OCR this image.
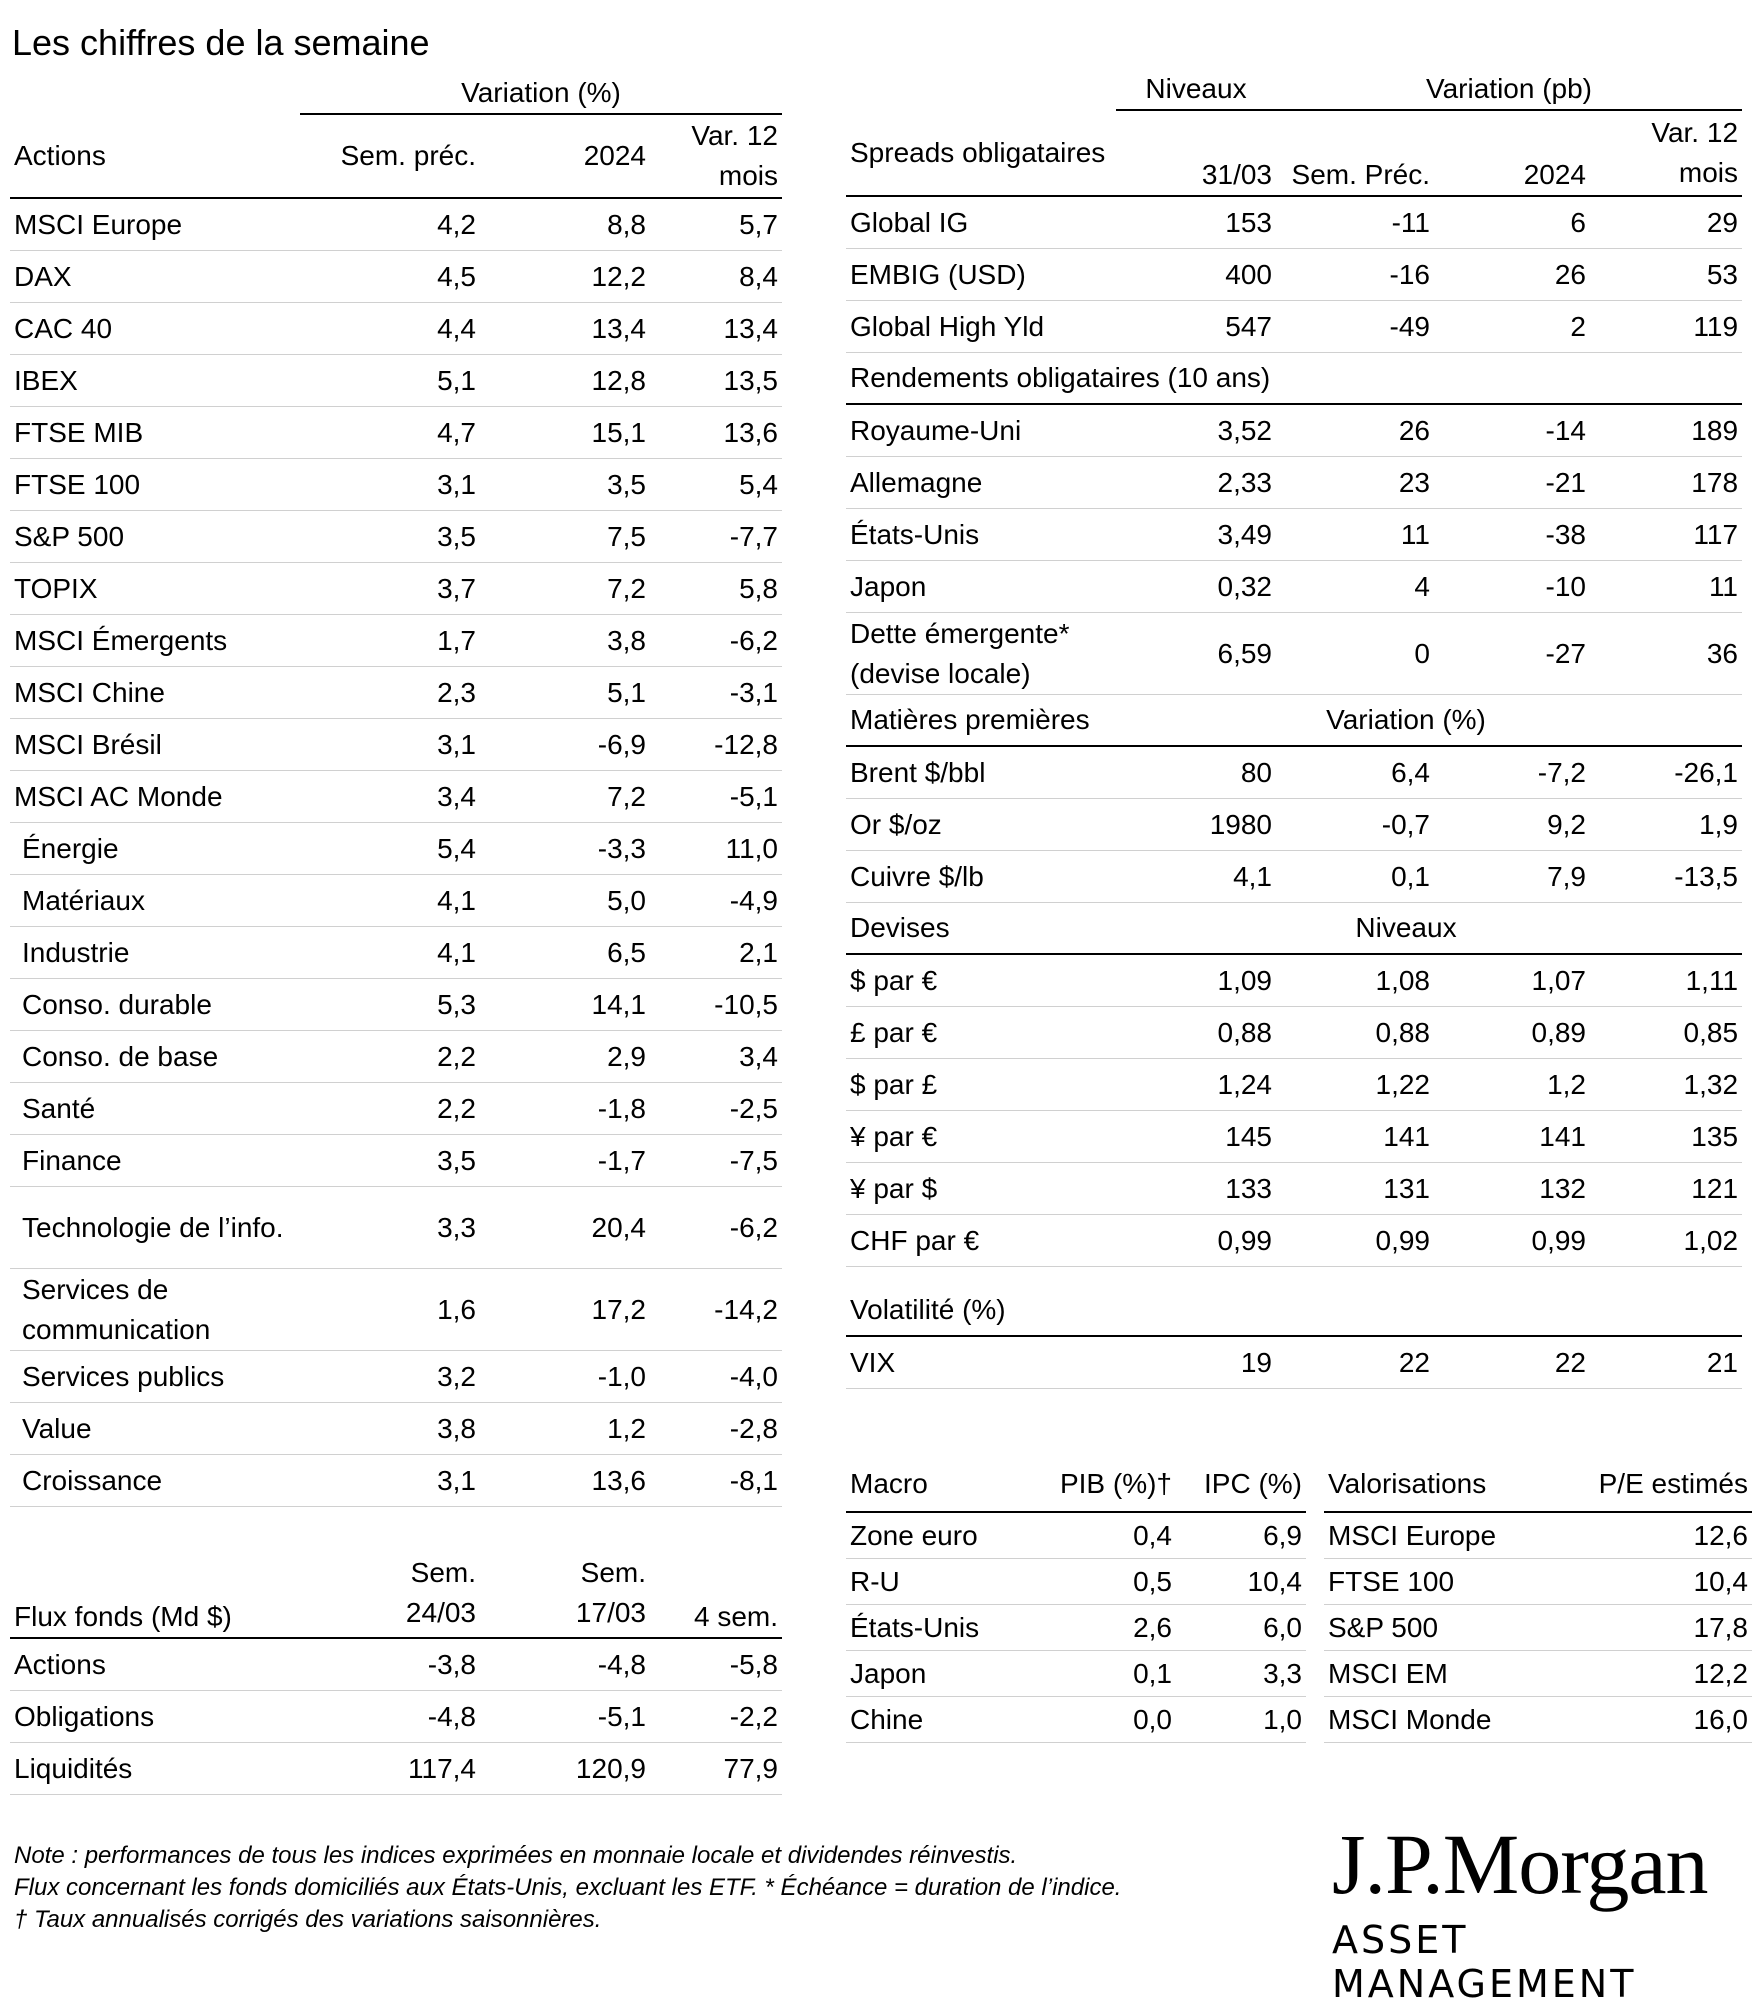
Les chiffres de la semaine
	Variation (%)		
Actions	Sem. préc.	2024	Var. 12 mois
MSCI Europe	4,2	8,8	5,7
DAX	4,5	12,2	8,4
CAC 40	4,4	13,4	13,4
IBEX	5,1	12,8	13,5
FTSE MIB	4,7	15,1	13,6
FTSE 100	3,1	3,5	5,4
S&P 500	3,5	7,5	-7,7
TOPIX	3,7	7,2	5,8
MSCI Émergents	1,7	3,8	-6,2
MSCI Chine	2,3	5,1	-3,1
MSCI Brésil	3,1	-6,9	-12,8
MSCI AC Monde	3,4	7,2	-5,1
Énergie	5,4	-3,3	11,0
Matériaux	4,1	5,0	-4,9
Industrie	4,1	6,5	2,1
Conso. durable	5,3	14,1	-10,5
Conso. de base	2,2	2,9	3,4
Santé	2,2	-1,8	-2,5
Finance	3,5	-1,7	-7,5
Technologie de l’info.	3,3	20,4	-6,2
Services de communication	1,6	17,2	-14,2
Services publics	3,2	-1,0	-4,0
Value	3,8	1,2	-2,8
Croissance	3,1	13,6	-8,1
Flux fonds (Md $)	Sem. 24/03	Sem. 17/03	4 sem.
Actions	-3,8	-4,8	-5,8
Obligations	-4,8	-5,1	-2,2
Liquidités	117,4	120,9	77,9
	Niveaux	Variation (pb)		
Spreads obligataires	31/03	Sem. Préc.	2024	Var. 12 mois
Global IG	153	-11	6	29
EMBIG (USD)	400	-16	26	53
Global High Yld	547	-49	2	119
Rendements obligataires (10 ans)				
Royaume-Uni	3,52	26	-14	189
Allemagne	2,33	23	-21	178
États-Unis	3,49	11	-38	117
Japon	0,32	4	-10	11
Dette émergente* (devise locale)	6,59	0	-27	36
Matières premières	Variation (%)			
Brent $/bbl	80	6,4	-7,2	-26,1
Or $/oz	1980	-0,7	9,2	1,9
Cuivre $/lb	4,1	0,1	7,9	-13,5
Devises	Niveaux			
$ par €	1,09	1,08	1,07	1,11
£ par €	0,88	0,88	0,89	0,85
$ par £	1,24	1,22	1,2	1,32
¥ par €	145	141	141	135
¥ par $	133	131	132	121
CHF par €	0,99	0,99	0,99	1,02

Volatilité (%)				
VIX	19	22	22	21
Macro	PIB (%)†	IPC (%)
Zone euro	0,4	6,9
R-U	0,5	10,4
États-Unis	2,6	6,0
Japon	0,1	3,3
Chine	0,0	1,0
Valorisations	P/E estimés
MSCI Europe	12,6
FTSE 100	10,4
S&P 500	17,8
MSCI EM	12,2
MSCI Monde	16,0
Note : performances de tous les indices exprimées en monnaie locale et dividendes réinvestis.
Flux concernant les fonds domiciliés aux États-Unis, excluant les ETF. * Échéance = duration de l’indice.
† Taux annualisés corrigés des variations saisonnières.
J.P.Morgan
ASSET MANAGEMENT
